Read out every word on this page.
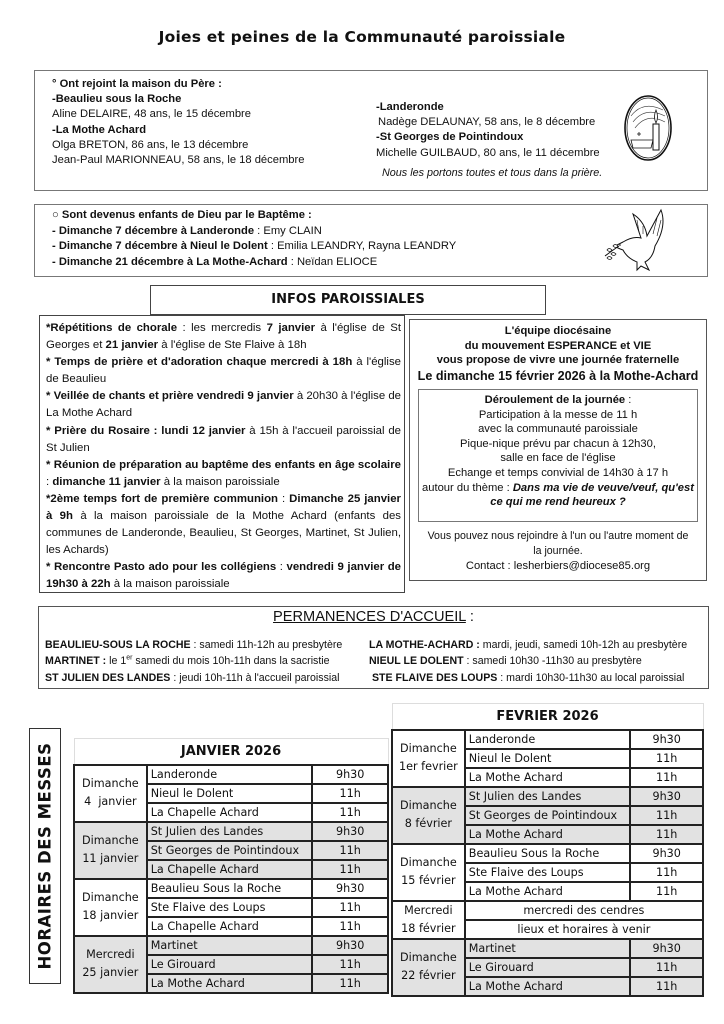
Joies et peines de la Communauté paroissiale
° Ont rejoint la maison du Père :
-Beaulieu sous la Roche
Aline DELAIRE, 48 ans, le 15 décembre
-La Mothe Achard
Olga BRETON, 86 ans, le 13 décembre
Jean-Paul MARIONNEAU, 58 ans, le 18 décembre
-Landeronde
Nadège DELAUNAY, 58 ans, le 8 décembre
-St Georges de Pointindoux
Michelle GUILBAUD, 80 ans, le 11 décembre
Nous les portons toutes et tous dans la prière.
○ Sont devenus enfants de Dieu par le Baptême :
- Dimanche 7 décembre à Landeronde : Emy CLAIN
- Dimanche 7 décembre à Nieul le Dolent : Emilia LEANDRY, Rayna LEANDRY
- Dimanche 21 décembre à La Mothe-Achard : Neïdan ELIOCE
INFOS PAROISSIALES

*Répétitions de chorale : les mercredis 7 janvier à l'église de St Georges et 21 janvier à l'église de Ste Flaive à 18h

* Temps de prière et d'adoration chaque mercredi à 18h à l'église de Beaulieu

* Veillée de chants et prière vendredi 9 janvier à 20h30 à l'église de La Mothe Achard

* Prière du Rosaire : lundi 12 janvier à 15h à l'accueil paroissial de St Julien

* Réunion de préparation au baptême des enfants en âge scolaire : dimanche 11 janvier à la maison paroissiale

*2ème temps fort de première communion : Dimanche 25 janvier à 9h à la maison paroissiale de la Mothe Achard (enfants des communes de Landeronde, Beaulieu, St Georges, Martinet, St Julien, les Achards)

* Rencontre Pasto ado pour les collégiens : vendredi 9 janvier de 19h30 à 22h à la maison paroissiale

L'équipe diocésaine
du mouvement ESPERANCE et VIE
vous propose de vivre une journée fraternelle
Le dimanche 15 février 2026 à la Mothe-Achard
Déroulement de la journée :
Participation à la messe de 11 h
avec la communauté paroissiale
Pique-nique prévu par chacun à 12h30,
salle en face de l'église
Echange et temps convivial de 14h30 à 17 h
autour du thème : Dans ma vie de veuve/veuf, qu'est ce qui me rend heureux ?
Vous pouvez nous rejoindre à l'un ou l'autre moment de la journée.
Contact : lesherbiers@diocese85.org
PERMANENCES D'ACCUEIL :
BEAULIEU-SOUS LA ROCHE : samedi 11h-12h au presbytère
MARTINET : le 1er samedi du mois 10h-11h dans la sacristie
ST JULIEN DES LANDES : jeudi 10h-11h à l'accueil paroissial
LA MOTHE-ACHARD : mardi, jeudi, samedi 10h-12h au presbytère
NIEUL LE DOLENT : samedi 10h30 -11h30 au presbytère
STE FLAIVE DES LOUPS : mardi 10h30-11h30 au local paroissial
HORAIRES DES MESSES	JANVIER 2026		

Dimanche
4  janvier	Landeronde	9h30
	Nieul le Dolent	11h
	La Chapelle Achard	11h

Dimanche
11 janvier	St Julien des Landes	9h30
	St Georges de Pointindoux	11h
	La Chapelle Achard	11h

Dimanche
18 janvier	Beaulieu Sous la Roche	9h30
	Ste Flaive des Loups	11h
	La Chapelle Achard	11h

Mercredi
25 janvier	Martinet	9h30
	Le Girouard	11h
	La Mothe Achard	11h
FEVRIER 2026		

Dimanche
1er fevrier	Landeronde	9h30
	Nieul le Dolent	11h
	La Mothe Achard	11h

Dimanche
8 février	St Julien des Landes	9h30
	St Georges de Pointindoux	11h
	La Mothe Achard	11h

Dimanche
15 février	Beaulieu Sous la Roche	9h30
	Ste Flaive des Loups	11h
	La Mothe Achard	11h

Mercredi
18 février	mercredi des cendres	
	lieux et horaires à venir	

Dimanche
22 février	Martinet	9h30
	Le Girouard	11h
	La Mothe Achard	11h
